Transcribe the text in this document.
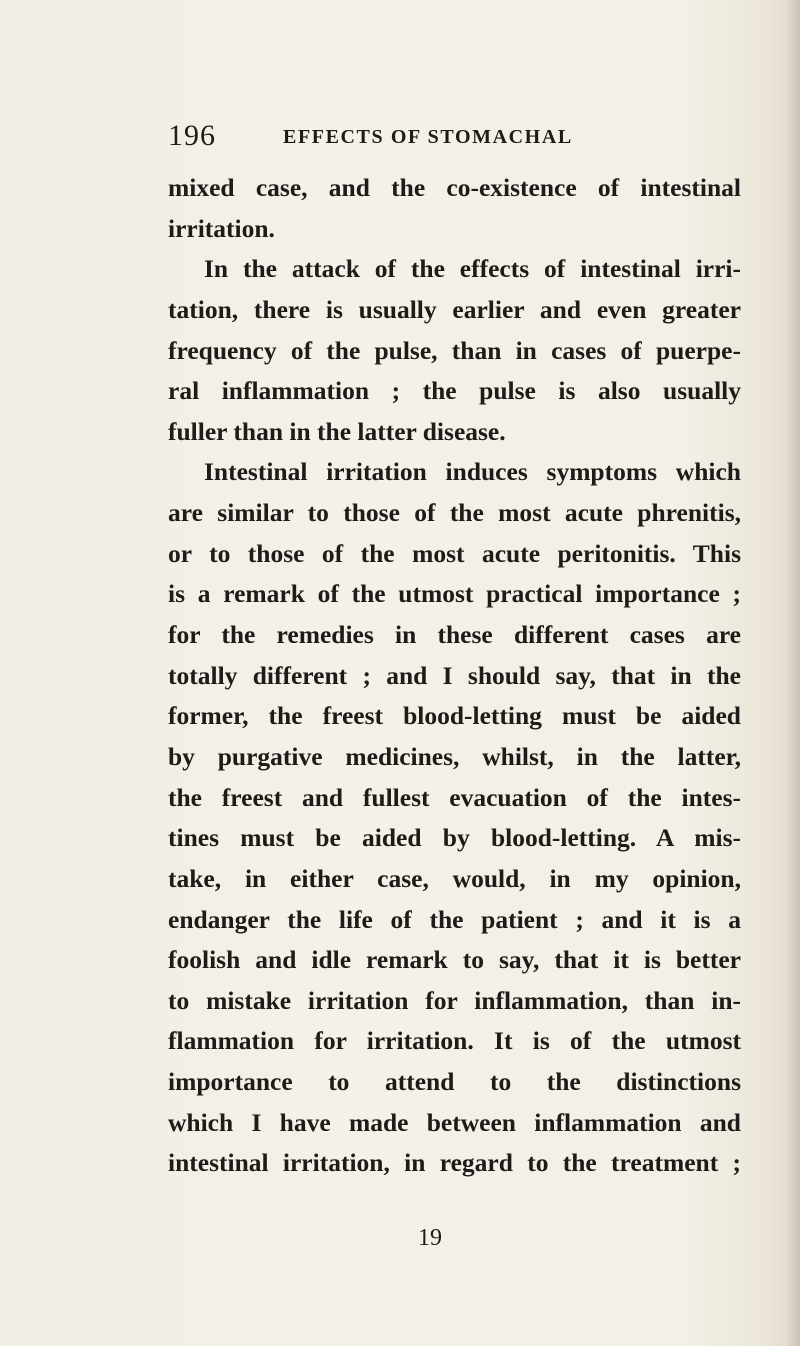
196	EFFECTS OF STOMACHAL
mixed case, and the co-existence of intestinal
irritation.
In the attack of the effects of intestinal irri-
tation, there is usually earlier and even greater
frequency of the pulse, than in cases of puerpe-
ral inflammation ; the pulse is also usually
fuller than in the latter disease.
Intestinal irritation induces symptoms which
are similar to those of the most acute phrenitis,
or to those of the most acute peritonitis. This
is a remark of the utmost practical importance ;
for the remedies in these different cases are
totally different ; and I should say, that in the
former, the freest blood-letting must be aided
by purgative medicines, whilst, in the latter,
the freest and fullest evacuation of the intes-
tines must be aided by blood-letting. A mis-
take, in either case, would, in my opinion,
endanger the life of the patient ; and it is a
foolish and idle remark to say, that it is better
to mistake irritation for inflammation, than in-
flammation for irritation. It is of the utmost
importance to attend to the distinctions
which I have made between inflammation and
intestinal irritation, in regard to the treatment ;
19
